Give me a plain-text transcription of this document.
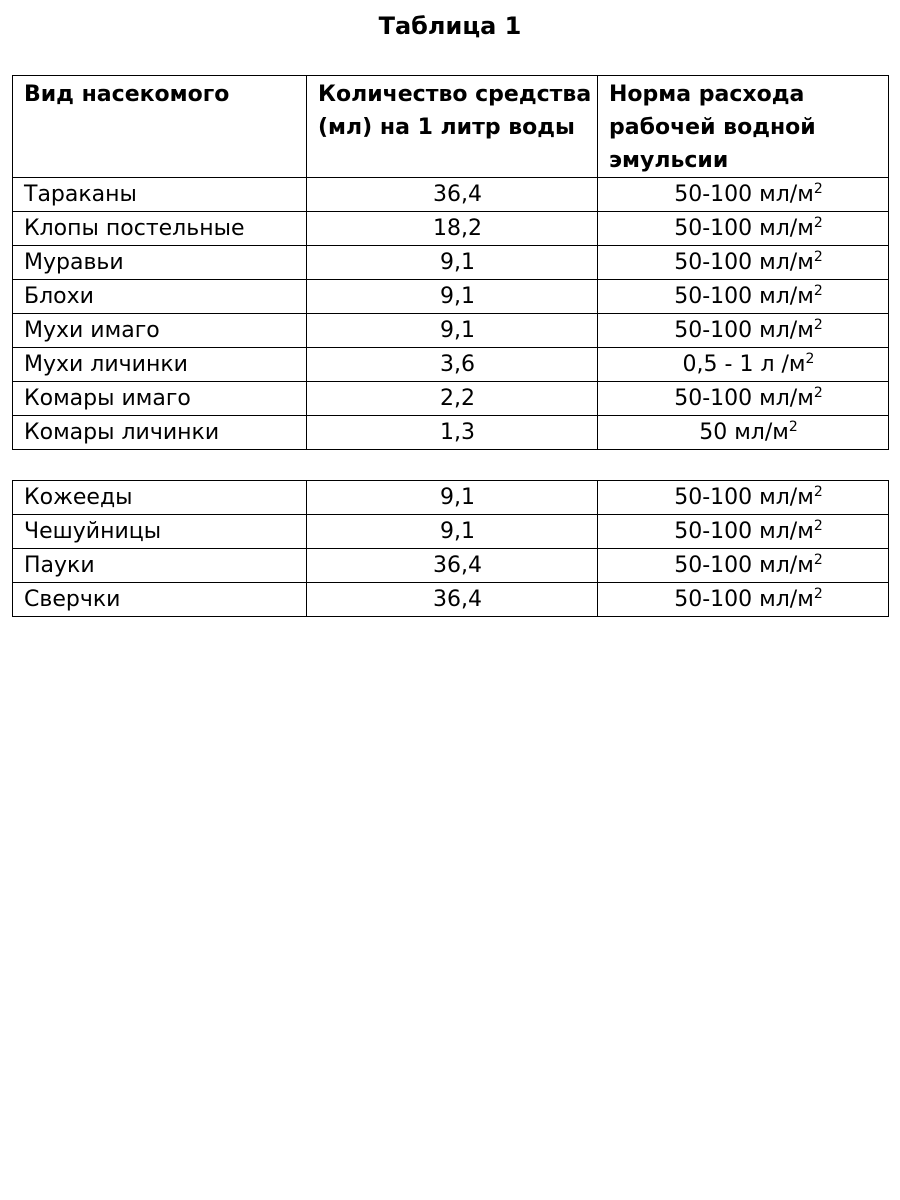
Таблица 1
Вид насекомого	Количество средства (мл) на 1 литр воды	Норма расхода рабочей водной эмульсии
Тараканы	36,4	50-100 $мл/м^2$
Клопы постельные	18,2	50-100 $мл/м^2$
Муравьи	9,1	50-100 $мл/м^2$
Блохи	9,1	50-100 $мл/м^2$
Мухи имаго	9,1	50-100 $мл/м^2$
Мухи личинки	3,6	0,5 - 1 л $/м^2$
Комары имаго	2,2	50-100 $мл/м^2$
Комары личинки	1,3	50 $мл/м^2$
Кожееды	9,1	50-100 $мл/м^2$
Чешуйницы	9,1	50-100 $мл/м^2$
Пауки	36,4	50-100 $мл/м^2$
Сверчки	36,4	50-100 $мл/м^2$
